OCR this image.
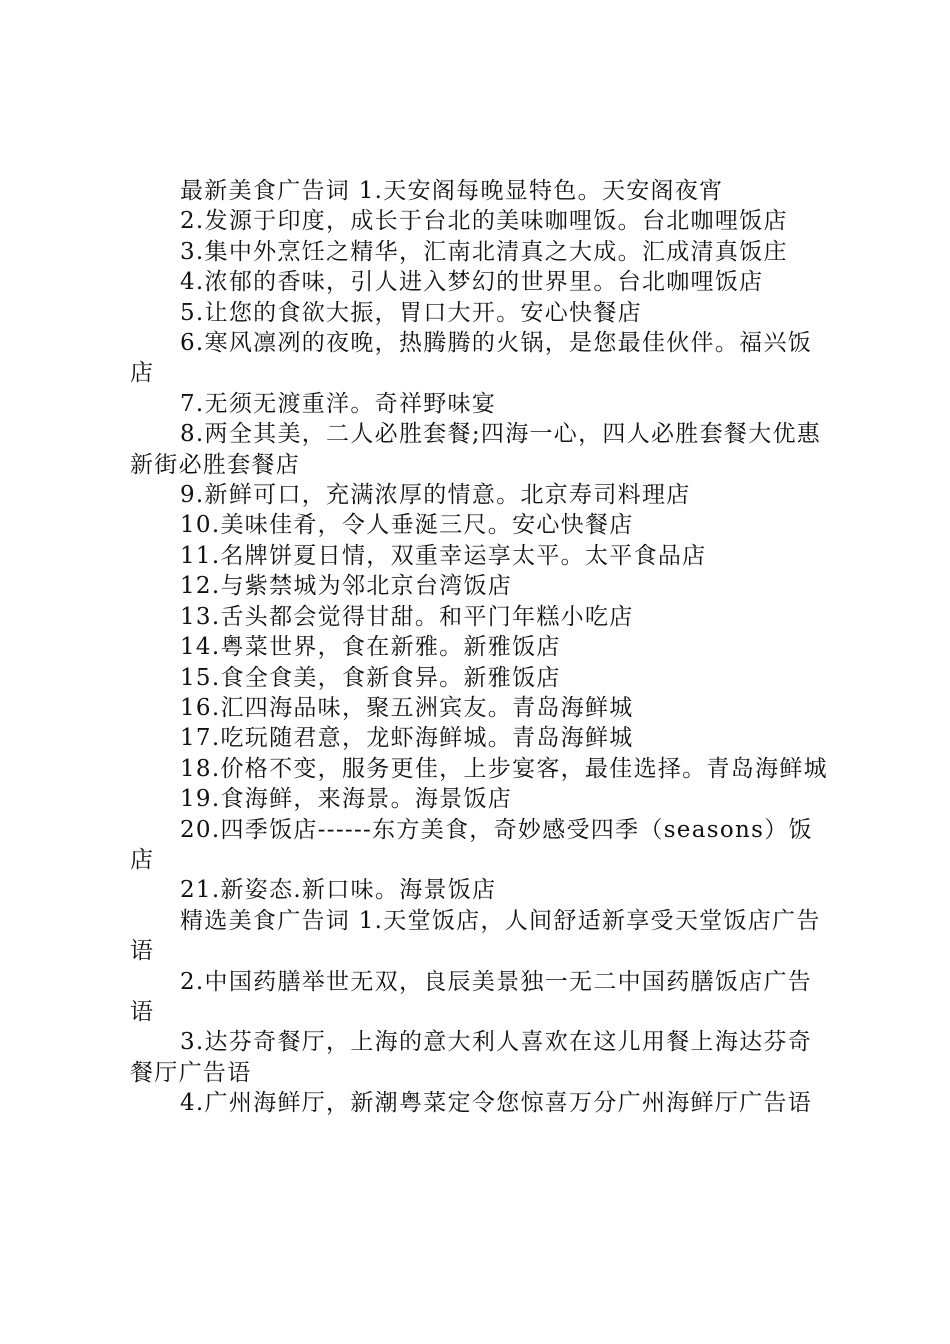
最新美食广告词 1.天安阁每晚显特色。天安阁夜宵

2.发源于印度，成长于台北的美味咖哩饭。台北咖哩饭店

3.集中外烹饪之精华，汇南北清真之大成。汇成清真饭庄

4.浓郁的香味，引人进入梦幻的世界里。台北咖哩饭店

5.让您的食欲大振，胃口大开。安心快餐店

6.寒风凛冽的夜晚，热腾腾的火锅，是您最佳伙伴。福兴饭店

7.无须无渡重洋。奇祥野味宴

8.两全其美，二人必胜套餐;四海一心，四人必胜套餐大优惠新街必胜套餐店

9.新鲜可口，充满浓厚的情意。北京寿司料理店

10.美味佳肴，令人垂涎三尺。安心快餐店

11.名牌饼夏日情，双重幸运享太平。太平食品店

12.与紫禁城为邻北京台湾饭店

13.舌头都会觉得甘甜。和平门年糕小吃店

14.粤菜世界，食在新雅。新雅饭店

15.食全食美，食新食异。新雅饭店

16.汇四海品味，聚五洲宾友。青岛海鲜城

17.吃玩随君意，龙虾海鲜城。青岛海鲜城

18.价格不变，服务更佳，上步宴客，最佳选择。青岛海鲜城

19.食海鲜，来海景。海景饭店

20.四季饭店------东方美食，奇妙感受四季（seasons）饭店

21.新姿态.新口味。海景饭店

精选美食广告词 1.天堂饭店，人间舒适新享受天堂饭店广告语

2.中国药膳举世无双，良辰美景独一无二中国药膳饭店广告语

3.达芬奇餐厅，上海的意大利人喜欢在这儿用餐上海达芬奇餐厅广告语

4.广州海鲜厅，新潮粤菜定令您惊喜万分广州海鲜厅广告语
